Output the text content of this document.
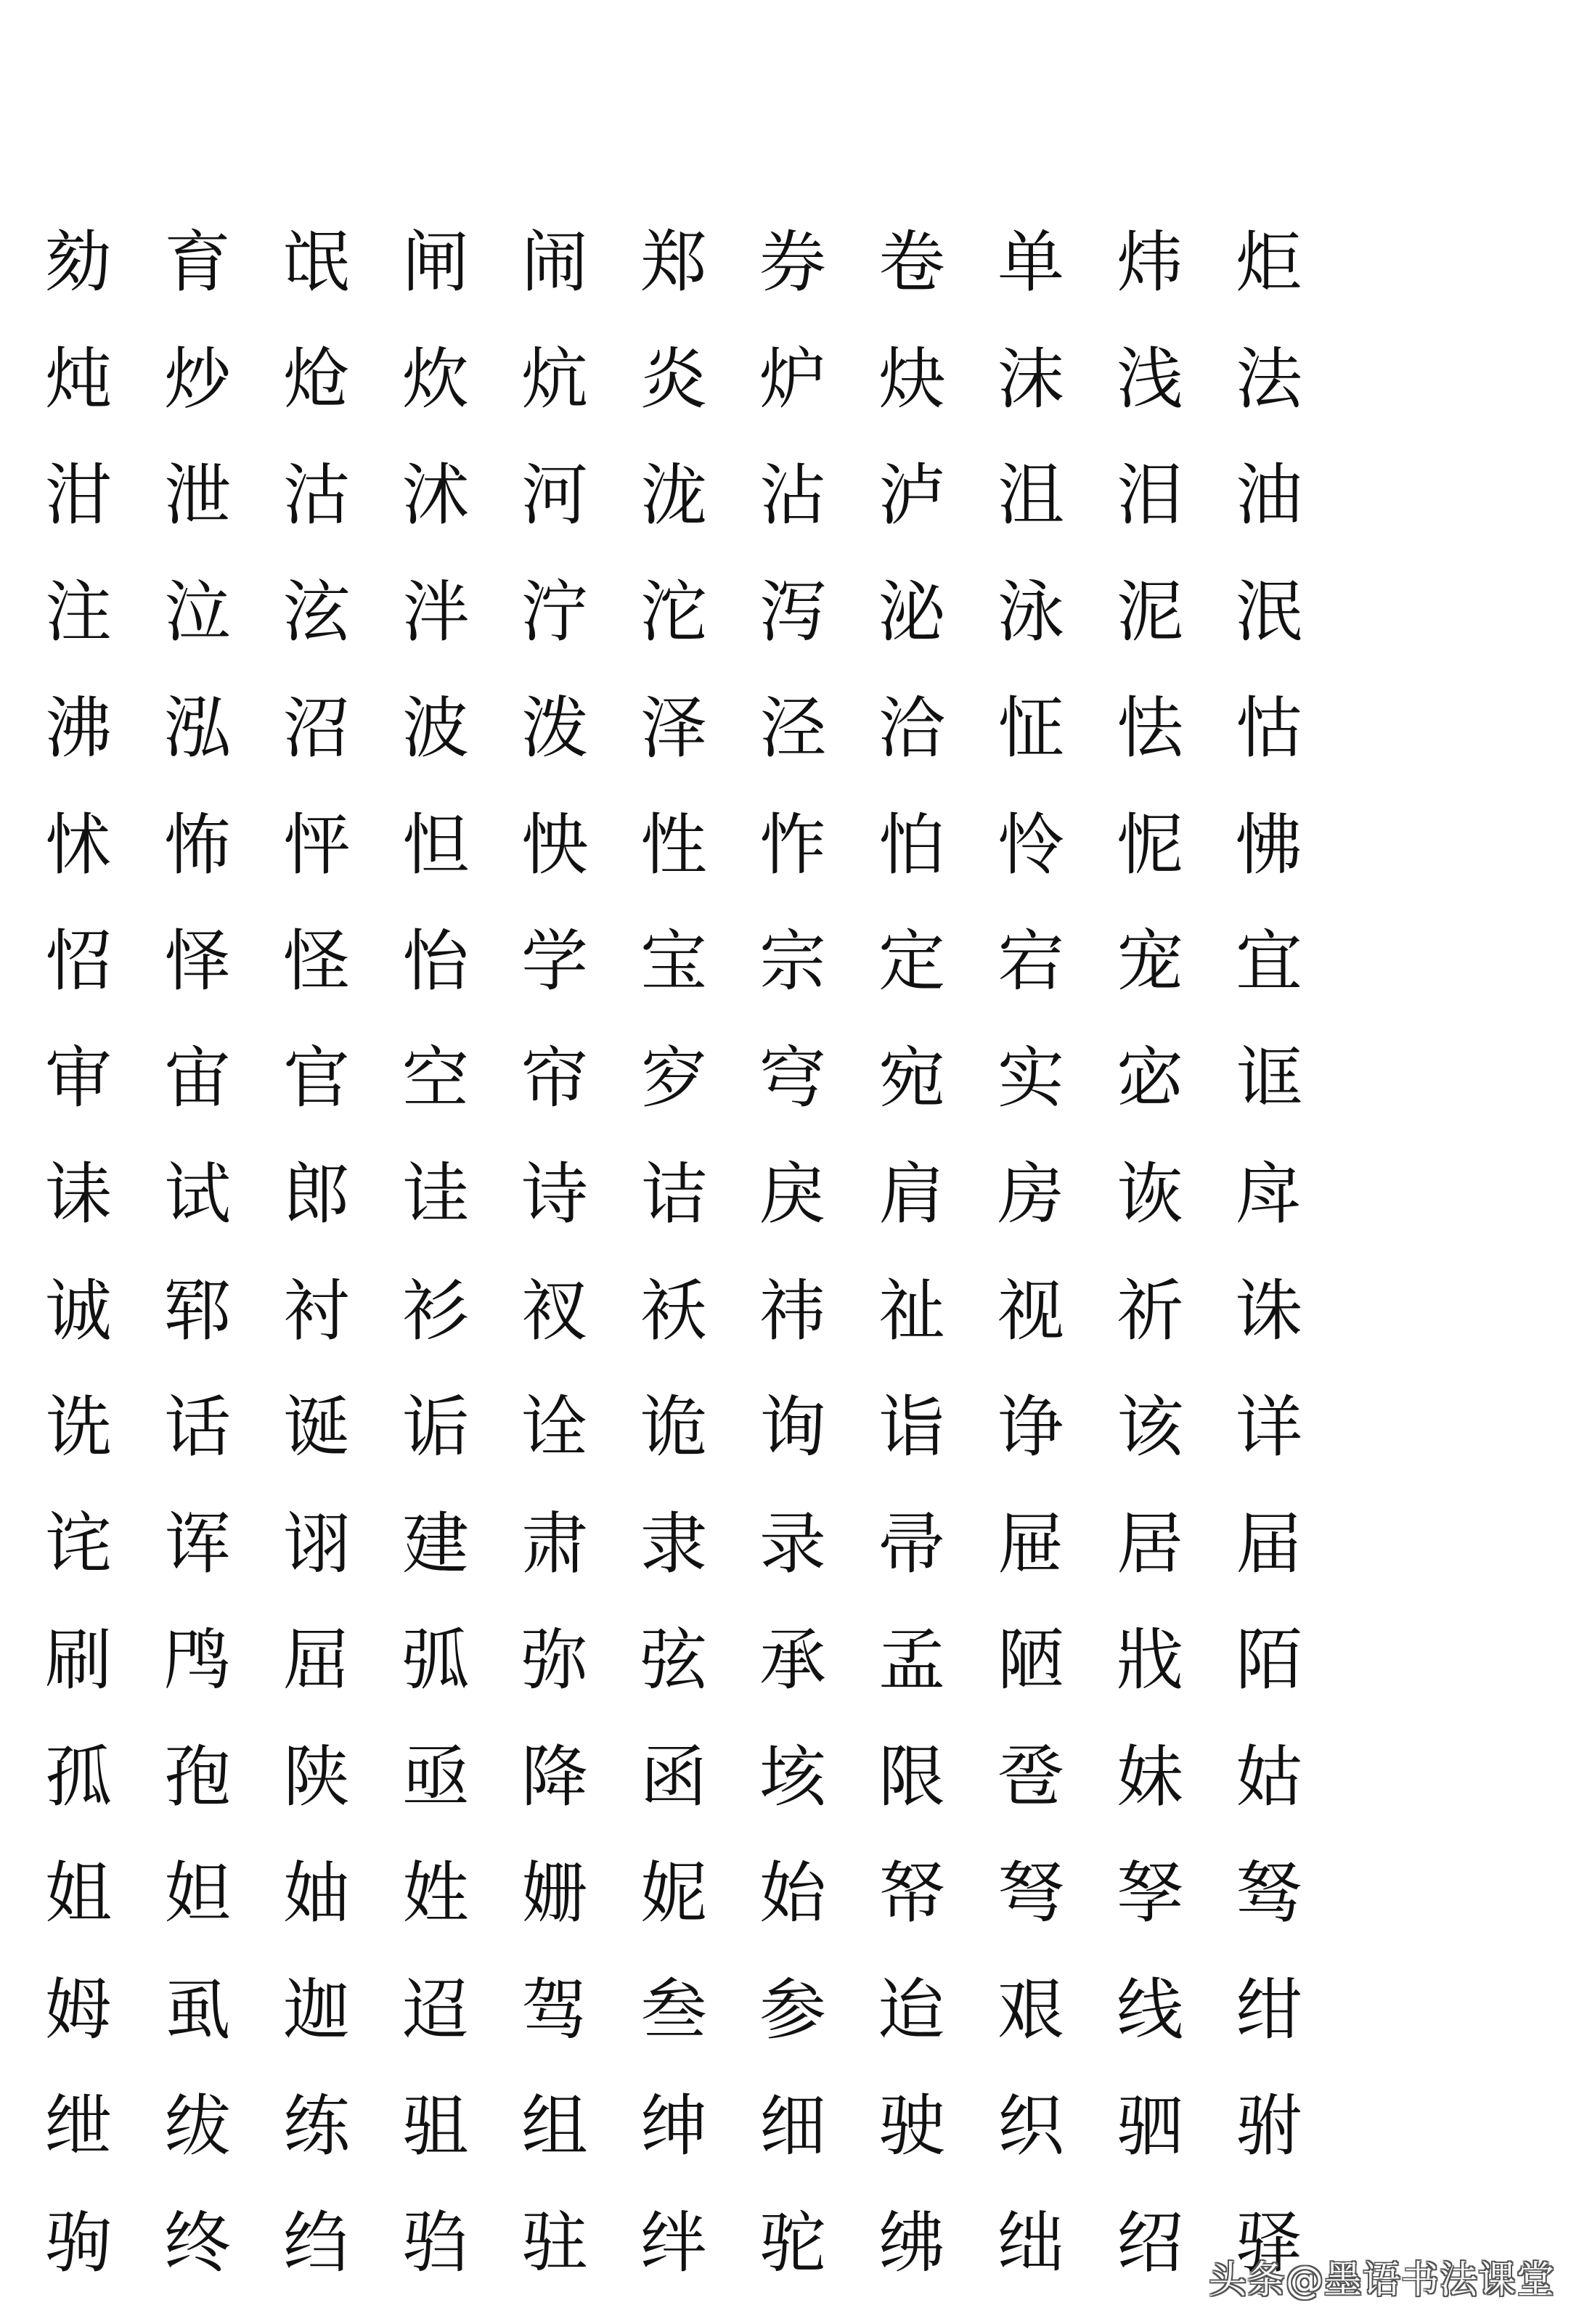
劾 育 氓 闸 闹 郑 券 卷 单 炜 炬
炖 炒 炝 炊 炕 炎 炉 炔 沫 浅 法
泔 泄 沽 沭 河 泷 沾 泸 沮 泪 油
注 泣 泫 泮 泞 沱 泻 泌 泳 泥 泯
沸 泓 沼 波 泼 泽 泾 洽 怔 怯 怙
怵 怖 怦 怛 怏 性 怍 怕 怜 怩 怫
怊 怿 怪 怡 学 宝 宗 定 宕 宠 宜
审 宙 官 空 帘 穸 穹 宛 实 宓 诓
诔 试 郎 诖 诗 诘 戾 肩 房 诙 戽
诚 郓 衬 衫 衩 袄 祎 祉 视 祈 诛
诜 话 诞 诟 诠 诡 询 诣 诤 该 详
诧 诨 诩 建 肃 隶 录 帚 屉 居 届
刷 鸤 屈 弧 弥 弦 承 孟 陋 戕 陌
孤 孢 陕 亟 降 函 垓 限 卺 妹 姑
姐 妲 妯 姓 姗 妮 始 帑 弩 孥 驽
姆 虱 迦 迢 驾 叁 参 迨 艰 线 绀
绁 绂 练 驵 组 绅 细 驶 织 驷 驸
驹 终 绉 驺 驻 绊 驼 绋 绌 绍 驿
头条@墨语书法课堂
